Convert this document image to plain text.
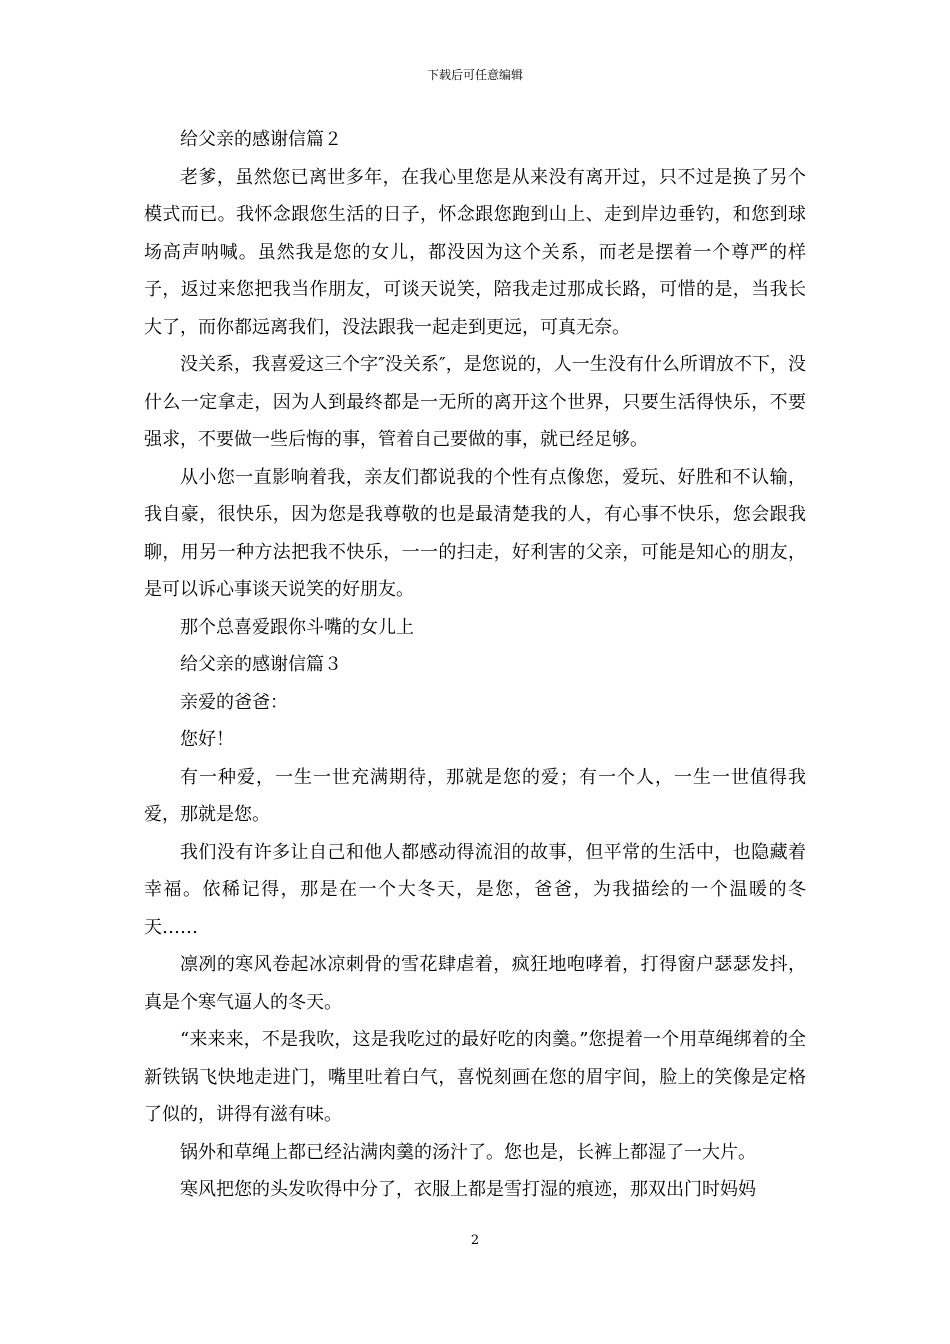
下载后可任意编辑

给父亲的感谢信篇２

老爹，虽然您已离世多年，在我心里您是从来没有离开过，只不过是换了另个模式而已。我怀念跟您生活的日子，怀念跟您跑到山上、走到岸边垂钓，和您到球场高声呐喊。虽然我是您的女儿，都没因为这个关系，而老是摆着一个尊严的样子，返过来您把我当作朋友，可谈天说笑，陪我走过那成长路，可惜的是，当我长大了，而你都远离我们，没法跟我一起走到更远，可真无奈。

没关系，我喜爱这三个字″没关系″，是您说的，人一生没有什么所谓放不下，没什么一定拿走，因为人到最终都是一无所的离开这个世界，只要生活得快乐，不要强求，不要做一些后悔的事，管着自己要做的事，就已经足够。

从小您一直影响着我，亲友们都说我的个性有点像您，爱玩、好胜和不认输，我自豪，很快乐，因为您是我尊敬的也是最清楚我的人，有心事不快乐，您会跟我聊，用另一种方法把我不快乐，一一的扫走，好利害的父亲，可能是知心的朋友，是可以诉心事谈天说笑的好朋友。

那个总喜爱跟你斗嘴的女儿上

给父亲的感谢信篇３

亲爱的爸爸：

您好！

有一种爱，一生一世充满期待，那就是您的爱；有一个人，一生一世值得我爱，那就是您。

我们没有许多让自己和他人都感动得流泪的故事，但平常的生活中，也隐藏着幸福。依稀记得，那是在一个大冬天，是您，爸爸，为我描绘的一个温暖的冬天……

凛冽的寒风卷起冰凉刺骨的雪花肆虐着，疯狂地咆哮着，打得窗户瑟瑟发抖，真是个寒气逼人的冬天。

“来来来，不是我吹，这是我吃过的最好吃的肉羹。”您提着一个用草绳绑着的全新铁锅飞快地走进门，嘴里吐着白气，喜悦刻画在您的眉宇间，脸上的笑像是定格了似的，讲得有滋有味。

锅外和草绳上都已经沾满肉羹的汤汁了。您也是，长裤上都湿了一大片。

寒风把您的头发吹得中分了，衣服上都是雪打湿的痕迹，那双出门时妈妈

2
